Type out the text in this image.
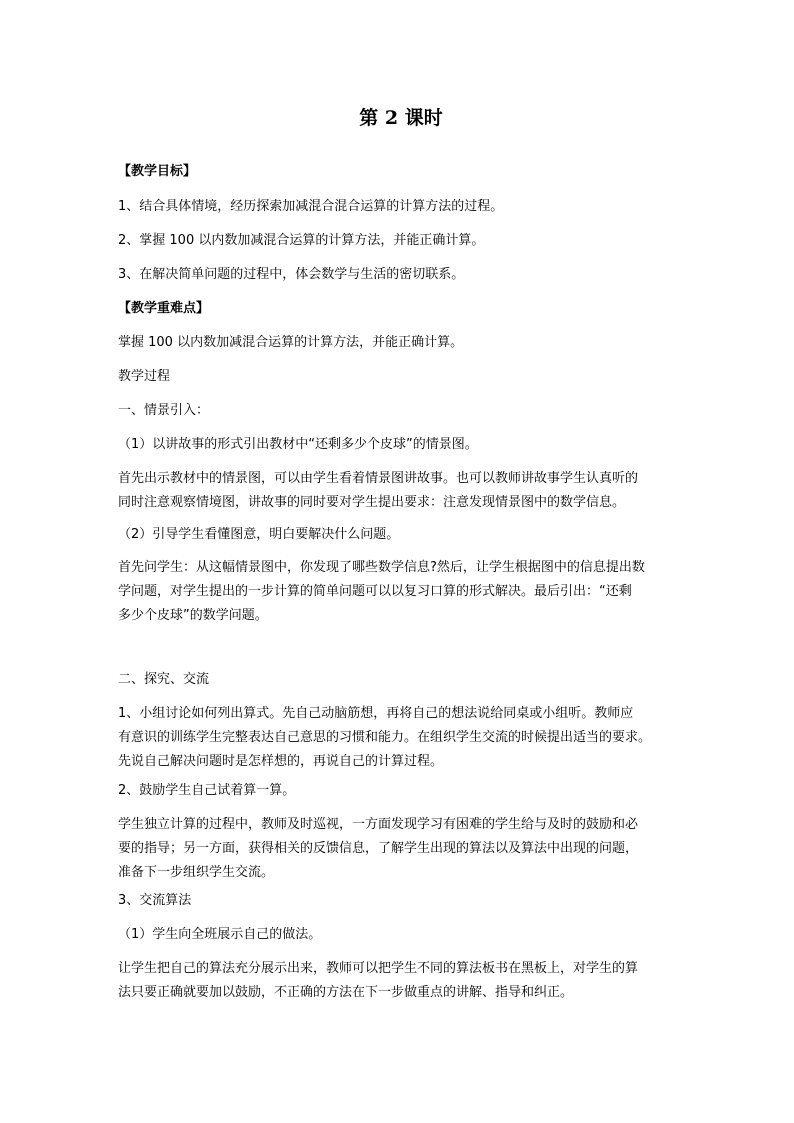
第 2 课时
【教学目标】
1、结合具体情境，经历探索加减混合混合运算的计算方法的过程。
2、掌握 100 以内数加减混合运算的计算方法，并能正确计算。
3、在解决简单问题的过程中，体会数学与生活的密切联系。
【教学重难点】
掌握 100 以内数加减混合运算的计算方法，并能正确计算。
教学过程
一、情景引入：
（1）以讲故事的形式引出教材中“还剩多少个皮球”的情景图。
首先出示教材中的情景图，可以由学生看着情景图讲故事。也可以教师讲故事学生认真听的
同时注意观察情境图，讲故事的同时要对学生提出要求：注意发现情景图中的数学信息。
（2）引导学生看懂图意，明白要解决什么问题。
首先问学生：从这幅情景图中，你发现了哪些数学信息?然后，让学生根据图中的信息提出数
学问题，对学生提出的一步计算的简单问题可以以复习口算的形式解决。最后引出：“还剩
多少个皮球”的数学问题。
二、探究、交流
1、小组讨论如何列出算式。先自己动脑筋想，再将自己的想法说给同桌或小组听。教师应
有意识的训练学生完整表达自己意思的习惯和能力。在组织学生交流的时候提出适当的要求。
先说自己解决问题时是怎样想的，再说自己的计算过程。
2、鼓励学生自己试着算一算。
学生独立计算的过程中，教师及时巡视，一方面发现学习有困难的学生给与及时的鼓励和必
要的指导；另一方面，获得相关的反馈信息，了解学生出现的算法以及算法中出现的问题，
准备下一步组织学生交流。
3、交流算法
（1）学生向全班展示自己的做法。
让学生把自己的算法充分展示出来，教师可以把学生不同的算法板书在黑板上，对学生的算
法只要正确就要加以鼓励，不正确的方法在下一步做重点的讲解、指导和纠正。
